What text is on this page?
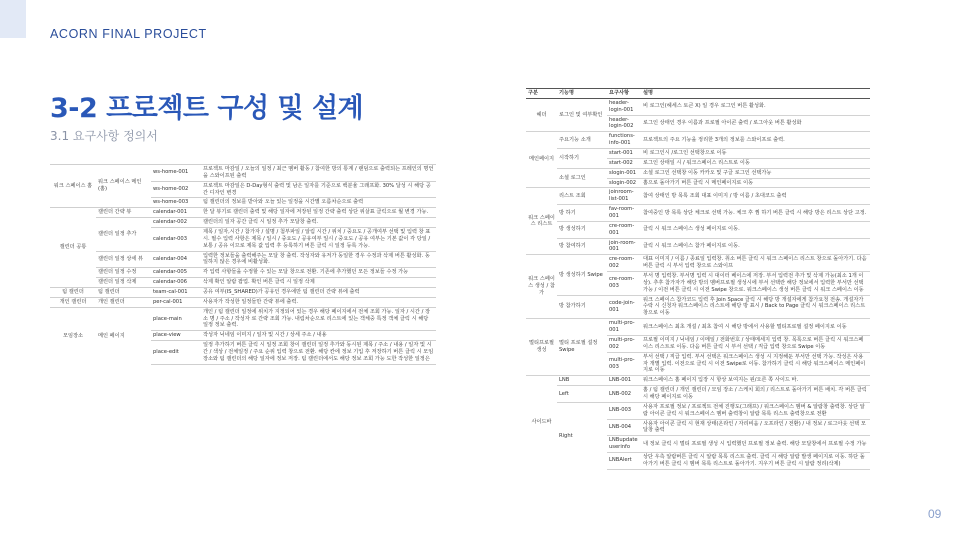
ACORN FINAL PROJECT
3-2 프로젝트 구성 및 설계
3.1 요구사항 정의서
워크 스페이스 홈	워크 스페이스 메인(홈)	ws-home-001	프로젝트 마감일 / 오늘의 일정 / 최근 멤버 활동 / 참여한 방의 통계 / 랜덤으로 출력되는 프레인의 명언을 스와이프된 출력
		ws-home-002	프로젝트 마감일은 D-Day형식 출력 및 남은 일자를 기준으로 백분율 그래프화. 30% 달성 시 해당 공간 디자인 변경
		ws-home-003	팀 캘린더의 정보를 받아와 오늘 있는 일정을 시간별 오름차순으로 출력
캘린더 공통	캘린더 간략 뷰	calendar-001	한 달 뷰기로 캘린더 출력 및 해당 일자에 저장된 일정 간략 출력 상단 위살표 클릭으로 월 변경 가능.
	캘린더 일정 추가	calendar-002	캘린더의 일자 공간 클릭 시 일정 추가 모달창 출력.
		calendar-003	제목 / 일자,시간 / 참가자 / 설명 / 첨부파일 / 알림 시간 / 위치 / 중요도 / 공개여부 선택 및 입력 창 표시. 필수 입력 사항은 제목 / 일시 / 중요도 / 공유여부 일시 / 중요도 / 공유 여부는 기본 값이 각 당일 / 보통 / 공유 이므로 제목 값 입력 후 등록하기 버튼 클릭 시 일정 등록 가능.
	캘린더 일정 상세 뷰	calendar-004	입력한 정보들을 출력해주는 모달 창 출력. 작성자와 유저가 동일한 경우 수정과 삭제 버튼 활성화. 동일하지 않은 경우에 비활성화.
	캘린더 일정 수정	calendar-005	각 입력 사항들을 수정할 수 있는 모달 창으로 전환. 기존에 추가했던 모든 정보들 수정 가능
	캘린더 일정 삭제	calendar-006	삭제 확인 알람 팝업. 확인 버튼 클릭 시 일정 삭제
팀 캘린더	팀 캘린더	team-cal-001	공유 여부(IS_SHARED)가 공유인 경우에만 팀 캘린더 간략 뷰에 출력
개인 캘린더	개인 캘린더	per-cal-001	사용자가 작성한 일정들만 간략 뷰에 출력.
모임장소	메인 페이지	place-main	개인 / 팀 캘린더 일정에 위치가 지정되어 있는 경우 해당 페이지에서 전체 조회 가능. 일자 / 시간 / 장소 명 / 주소 / 작성자 로 간략 조회 가능. 내림차순으로 리스트에 있는 객체중 특정 객체 클릭 시 해당 일정 정보 출력.
		place-view	작성자 닉네임 이미지 / 일자 및 시간 / 상세 주소 / 내용
		place-edit	일정 추가하기 버튼 클릭 시 일정 조회 창이 캘린더 일정 추가와 동시된 제목 / 주소 / 내용 / 일자 및 시간 / 색상 / 전체일정 / 주요 순위 입력 창으로 전환. 해당 칸에 정보 기입 후 저장하기 버튼 클릭 시 모임 장소와 팀 캘린더의 해당 일자에 정보 저장. 팀 캘린더에서도 해당 정보 조회 가능 도한 작성한 일정은
구분	기능명	요구사항	설명
헤더	로그인 및 여부확인	header-login-001	비 로그인(헤세스 토큰 X) 일 경우 로그인 버튼 활성화.
		header-login-002	로그인 상태인 경우 이름과 프로필 아이콘 출력 / 로그아웃 버튼 활성화
메인페이지	주요기능 소개	functions-info-001	프로젝트의 주요 기능을 정리한 3개의 정보를 스와이프로 출력.
	시작하기	start-001	비 로그인시 /로그인 선택창으로 이동
		start-002	로그인 상태일 시 / 워크스페이스 리스트로 이동
	소셜 로그인	slogin-001	소셜 로그인 선택창 이동 카카오 및 구글 로그인 선택가능
		slogin-002	홈으로 돌아가기 버튼 클릭 시 메인페이지로 이동
워크 스페이스 리스트	리스트 조회	joinroom-list-001	참여 상태인 방 목록 조회 대표 이미지 / 방 이름 / 초대코드 출력
	방 하기	fav-room-001	참여중인 방 목록 상단 체크로 선택 가능. 체크 후 찜 하기 버튼 클릭 시 해당 방은 리스트 상단 고정.
	방 생성하기	cre-room-001	클릭 시 워크 스페이스 생성 페이지로 이동.
	방 참여하기	join-room-001	클릭 시 워크 스페이스 참가 페이지로 이동.
워크 스페이스 생성 / 참가	방 생성하기 Swipe	cre-room-002	대표 이미지 / 이름 / 종료일 입력창. 취소 버튼 클릭 시 워크 스페이스 리스트 창으로 돌아가기. 다음 버튼 클릭 시 부서 입력 창으로 스와이프
		cre-room-003	부서 명 입력창. 부서명 입력 시 대이터 베이스에 저장. 부서 입력전 추가 및 삭제 가능(최소 1개 이상). 추후 참가자가 해당 방의 멤버프로필 생성시에 부서 선택란 해당 정보에서 입력한 부서만 선택 가능 / 이전 버튼 클릭 시 이전 Swipe 창으로. 워크스페이스 생성 버튼 클릭 시 워크 스페이스 이동
	방 참가하기	code-join-001	워크 스페이스 참가코드 입력 후 Join Space 클릭 시 해당 방 개설자에게 참가요청 전송. 개설자가 수락 시 신청자 워크스페이스 리스트에 해당 방 표시 / Back to Page 클릭 시 워크스페이스 리스트 창으로 이동
멀티프로필 생성	멀티 프로필 설정 Swipe	multi-pro-001	워크스페이스 최초 개설 / 최초 참여 시 해당 방에서 사용할 멀티프로필 설정 페이지로 이동
		multi-pro-002	프로필 이미지 / 닉네임 / 이메일 / 전화번호 / 상태메세지 입력 창. 목록으로 버튼 클릭 시 워크스페이스 리스트로 이동. 다음 버튼 클릭 시 부서 선택 / 직급 입력 창으로 Swipe 이동
		multi-pro-003	부서 선택 / 직급 입력. 부서 선택은 워크스페이스 생성 시 지정해둔 부서만 선택 가능. 작성은 사용자 개별 입력. 이전으로 클릭 시 이전 Swipe로 이동. 참가하기 클릭 시 해당 워크스페이스 메인페이지로 이동
사이드바	LNB	LNB-001	워크스페이스 홈 페이지 입장 시 항상 보여지는 왼/오른 쪽 사이드 바.
	Left	LNB-002	홈 / 팀 캘린더 / 개인 캘린더 / 모임 장소 / 스케치 회의 / 리스트로 돌아가기 버튼 배치. 각 버튼 클릭 시 해당 페이지로 이동
	Right	LNB-003	사용자 프로필 정보 / 프로젝트 전체 진행도(그래프) / 워크스페이스 멤버 & 알람창 출력창. 상단 알람 아이콘 클릭 시 워크스페이스 멤버 출력창이 알람 목록 리스트 출력창으로 전환
		LNB-004	사용자 아이콘 클릭 시 현재 상태(온라인 / 자리비움 / 오프라인 / 전환) / 내 정보 / 로그아웃 선택 모달창 출력
		LNBupdate userinfo	내 정보 클릭 시 멀티 프로필 생성 시 입력했던 프로필 정보 출력. 해당 모달창에서 프로필 수정 가능
		LNBAlert	상단 우측 알람버튼 클릭 시 알람 목록 리스트 출력. 클릭 시 해당 알람 발생 페이지로 이동. 하단 돌아가기 버튼 클릭 시 멤버 목록 리스트로 돌아가기. 지우기 버튼 클릭 시 알람 정리(삭제)
09
